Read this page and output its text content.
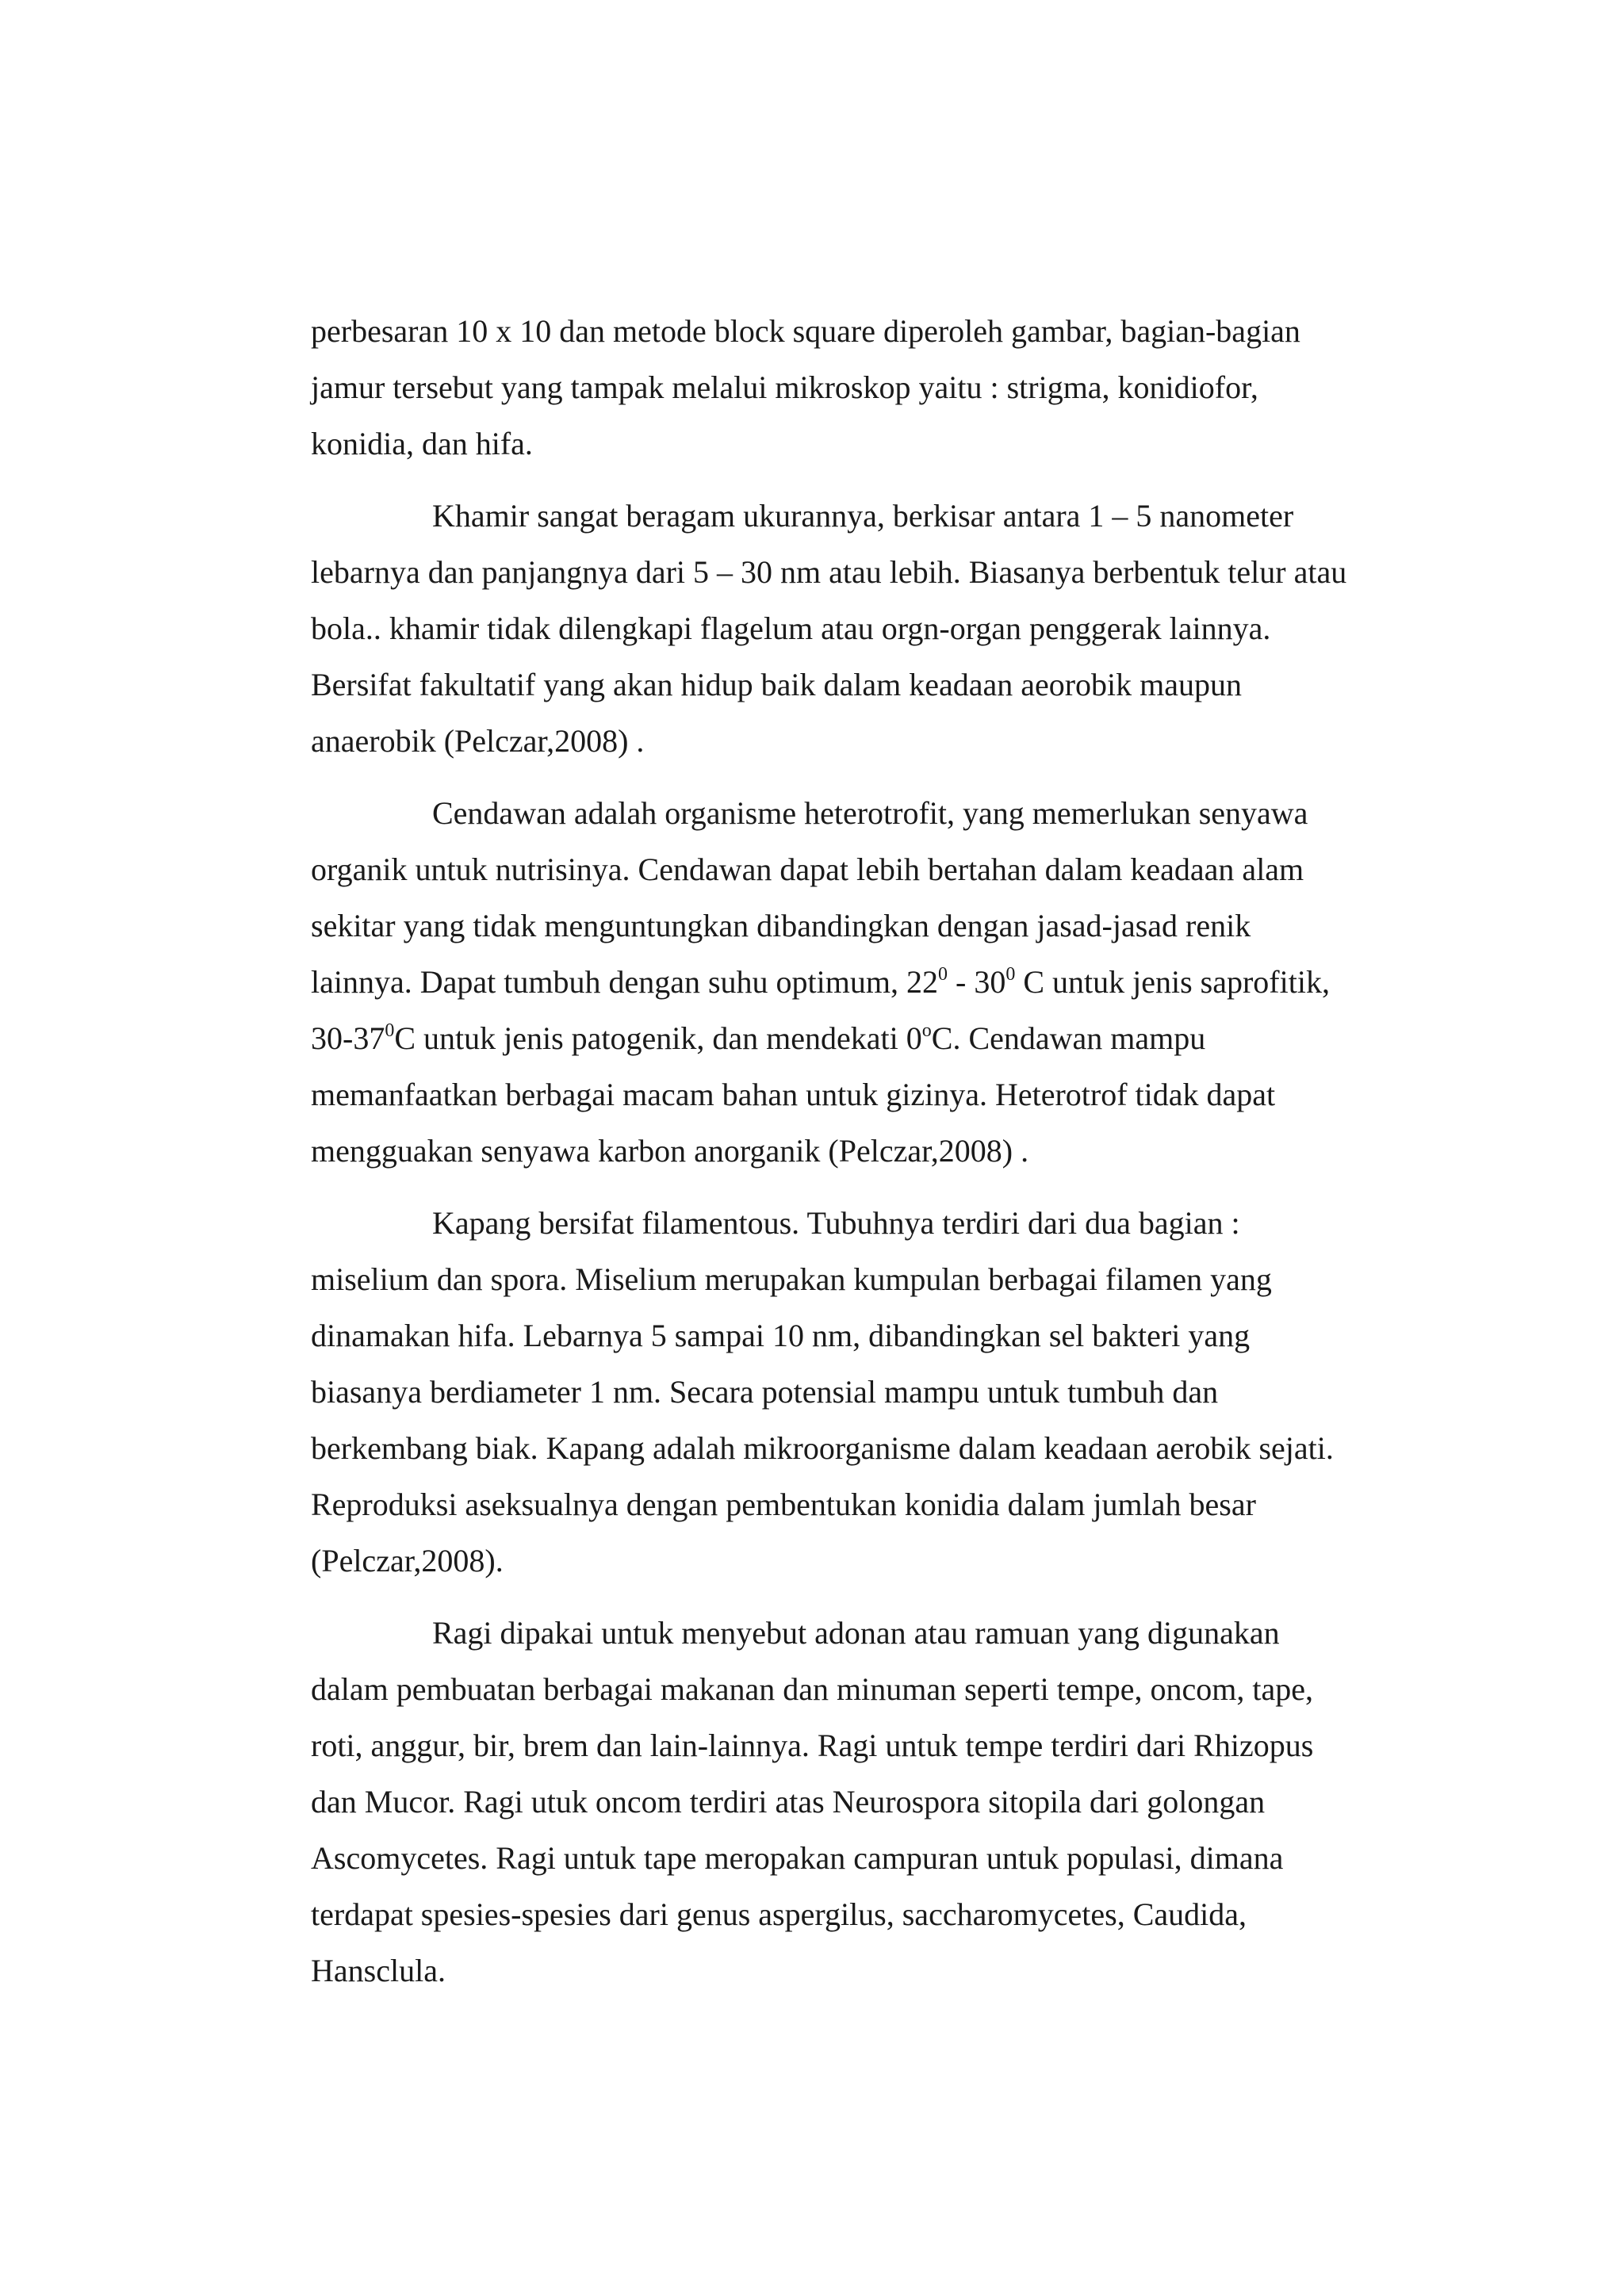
perbesaran 10 x 10 dan metode block square diperoleh gambar, bagian-bagian
jamur tersebut yang tampak melalui mikroskop yaitu : strigma, konidiofor,
konidia, dan hifa.
Khamir sangat beragam ukurannya, berkisar antara 1 – 5 nanometer
lebarnya dan panjangnya dari 5 – 30 nm atau lebih. Biasanya berbentuk telur atau
bola.. khamir tidak dilengkapi flagelum atau orgn-organ penggerak lainnya.
Bersifat fakultatif yang akan hidup baik dalam keadaan aeorobik maupun
anaerobik (Pelczar,2008) .
Cendawan adalah organisme heterotrofit, yang memerlukan senyawa
organik untuk nutrisinya. Cendawan dapat lebih bertahan dalam keadaan alam
sekitar yang tidak menguntungkan dibandingkan dengan jasad-jasad renik
lainnya. Dapat tumbuh dengan suhu optimum, $22^0 - 30^0$ C untuk jenis saprofitik,
$30-37^0C$ untuk jenis patogenik, dan mendekati 0$^o$C. Cendawan mampu
memanfaatkan berbagai macam bahan untuk gizinya. Heterotrof tidak dapat
mengguakan senyawa karbon anorganik (Pelczar,2008) .
Kapang bersifat filamentous. Tubuhnya terdiri dari dua bagian :
miselium dan spora. Miselium merupakan kumpulan berbagai filamen yang
dinamakan hifa. Lebarnya 5 sampai 10 nm, dibandingkan sel bakteri yang
biasanya berdiameter 1 nm. Secara potensial mampu untuk tumbuh dan
berkembang biak. Kapang adalah mikroorganisme dalam keadaan aerobik sejati.
Reproduksi aseksualnya dengan pembentukan konidia dalam jumlah besar
(Pelczar,2008).
Ragi dipakai untuk menyebut adonan atau ramuan yang digunakan
dalam pembuatan berbagai makanan dan minuman seperti tempe, oncom, tape,
roti, anggur, bir, brem dan lain-lainnya. Ragi untuk tempe terdiri dari Rhizopus
dan Mucor. Ragi utuk oncom terdiri atas Neurospora sitopila dari golongan
Ascomycetes. Ragi untuk tape meropakan campuran untuk populasi, dimana
terdapat spesies-spesies dari genus aspergilus, saccharomycetes, Caudida,
Hansclula.
